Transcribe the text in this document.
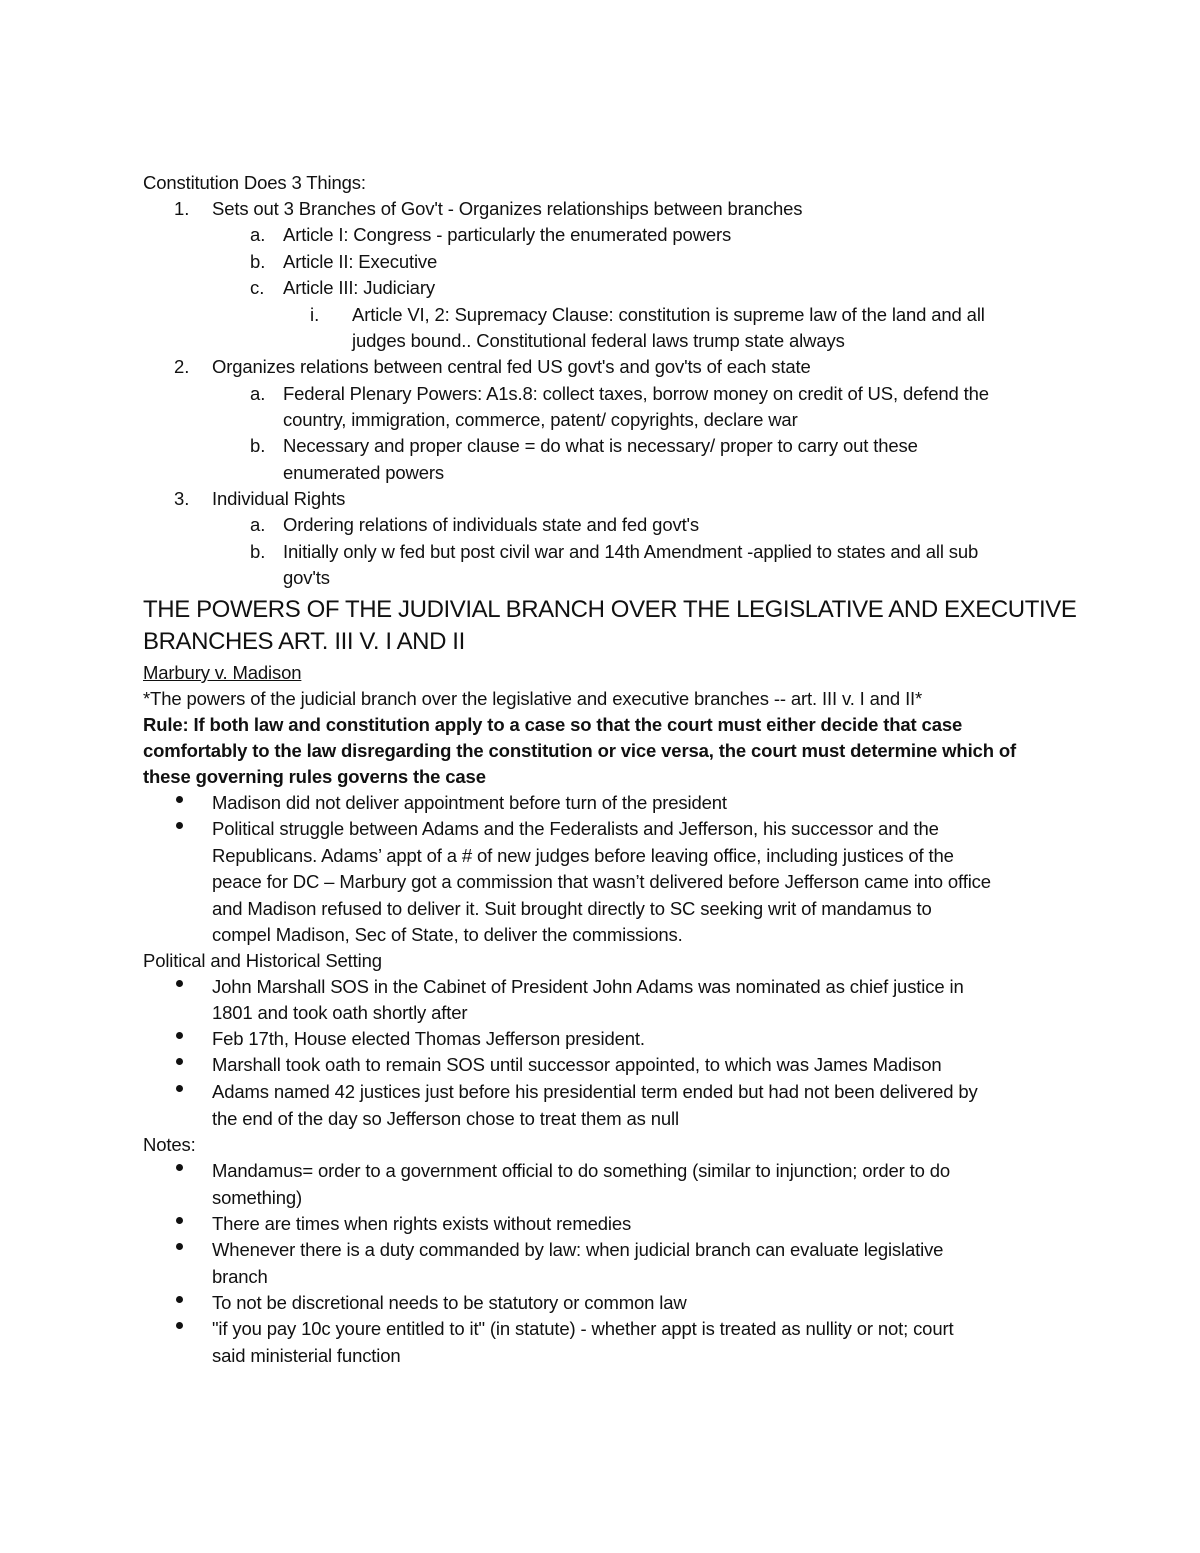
Constitution Does 3 Things:
1. Sets out 3 Branches of Gov't - Organizes relationships between branches
a. Article I: Congress - particularly the enumerated powers
b. Article II: Executive
c. Article III: Judiciary
i. Article VI, 2: Supremacy Clause: constitution is supreme law of the land and all
judges bound.. Constitutional federal laws trump state always
2. Organizes relations between central fed US govt's and gov'ts of each state
a. Federal Plenary Powers: A1s.8: collect taxes, borrow money on credit of US, defend the
country, immigration, commerce, patent/ copyrights, declare war
b. Necessary and proper clause = do what is necessary/ proper to carry out these
enumerated powers
3. Individual Rights
a. Ordering relations of individuals state and fed govt's
b. Initially only w fed but post civil war and 14th Amendment -applied to states and all sub
gov'ts
THE POWERS OF THE JUDIVIAL BRANCH OVER THE LEGISLATIVE AND EXECUTIVE
BRANCHES ART. III V. I AND II
Marbury v. Madison
*The powers of the judicial branch over the legislative and executive branches -- art. III v. I and II*
Rule: If both law and constitution apply to a case so that the court must either decide that case
comfortably to the law disregarding the constitution or vice versa, the court must determine which of
these governing rules governs the case
Madison did not deliver appointment before turn of the president
Political struggle between Adams and the Federalists and Jefferson, his successor and the
Republicans. Adams’ appt of a # of new judges before leaving office, including justices of the
peace for DC – Marbury got a commission that wasn’t delivered before Jefferson came into office
and Madison refused to deliver it. Suit brought directly to SC seeking writ of mandamus to
compel Madison, Sec of State, to deliver the commissions.
Political and Historical Setting
John Marshall SOS in the Cabinet of President John Adams was nominated as chief justice in
1801 and took oath shortly after
Feb 17th, House elected Thomas Jefferson president.
Marshall took oath to remain SOS until successor appointed, to which was James Madison
Adams named 42 justices just before his presidential term ended but had not been delivered by
the end of the day so Jefferson chose to treat them as null
Notes:
Mandamus= order to a government official to do something (similar to injunction; order to do
something)
There are times when rights exists without remedies
Whenever there is a duty commanded by law: when judicial branch can evaluate legislative
branch
To not be discretional needs to be statutory or common law
"if you pay 10c youre entitled to it" (in statute) - whether appt is treated as nullity or not; court
said ministerial function
